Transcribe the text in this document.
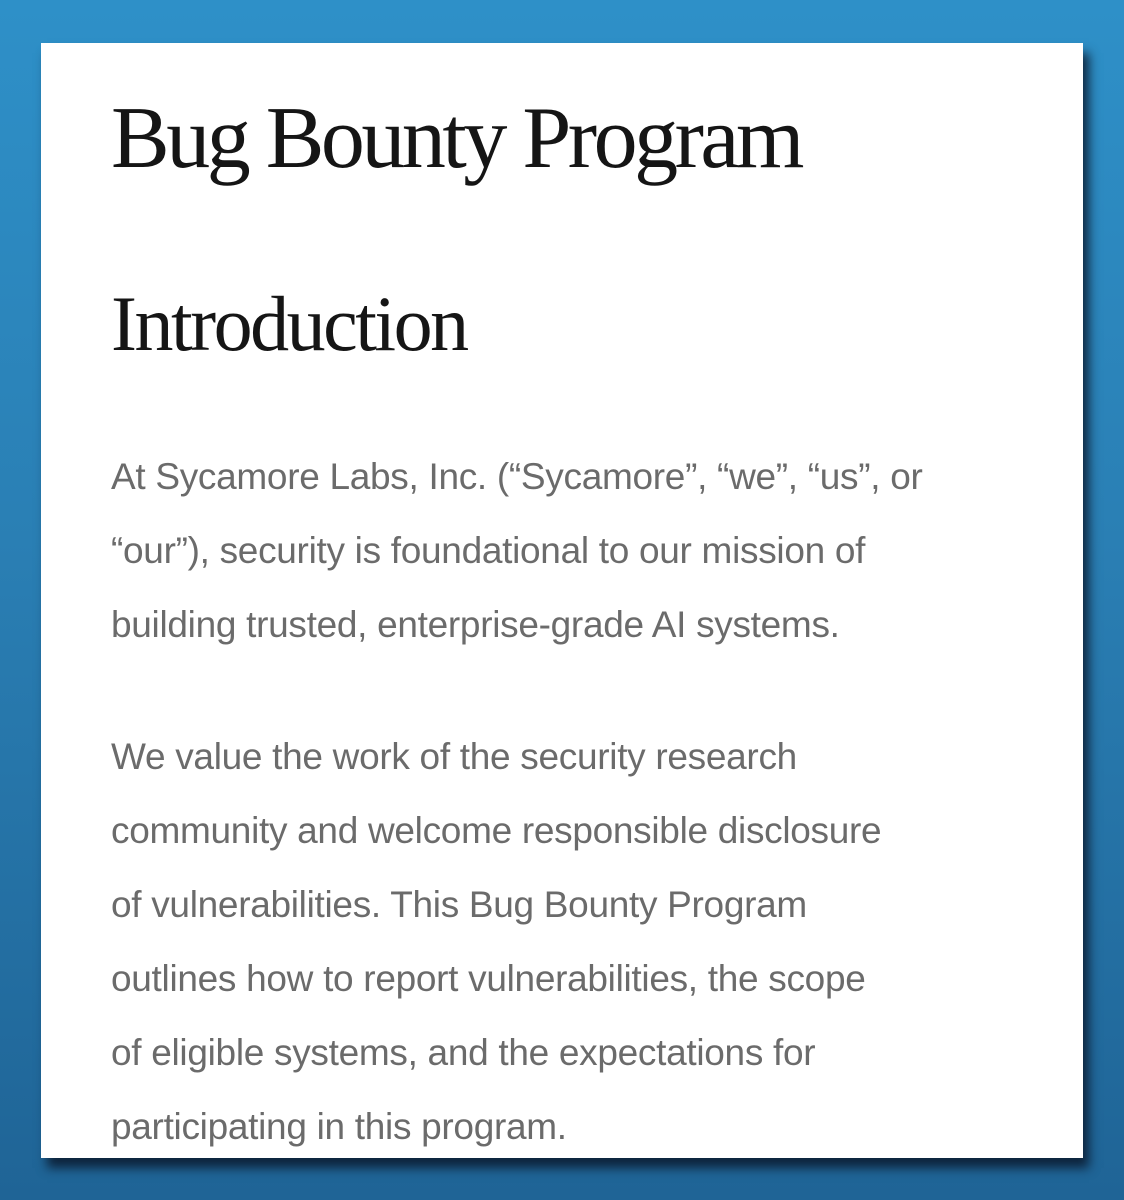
Bug Bounty Program
Introduction

At Sycamore Labs, Inc. (“Sycamore”, “we”, “us”, or
“our”), security is foundational to our mission of
building trusted, enterprise-grade AI systems.

We value the work of the security research
community and welcome responsible disclosure
of vulnerabilities. This Bug Bounty Program
outlines how to report vulnerabilities, the scope
of eligible systems, and the expectations for
participating in this program.
